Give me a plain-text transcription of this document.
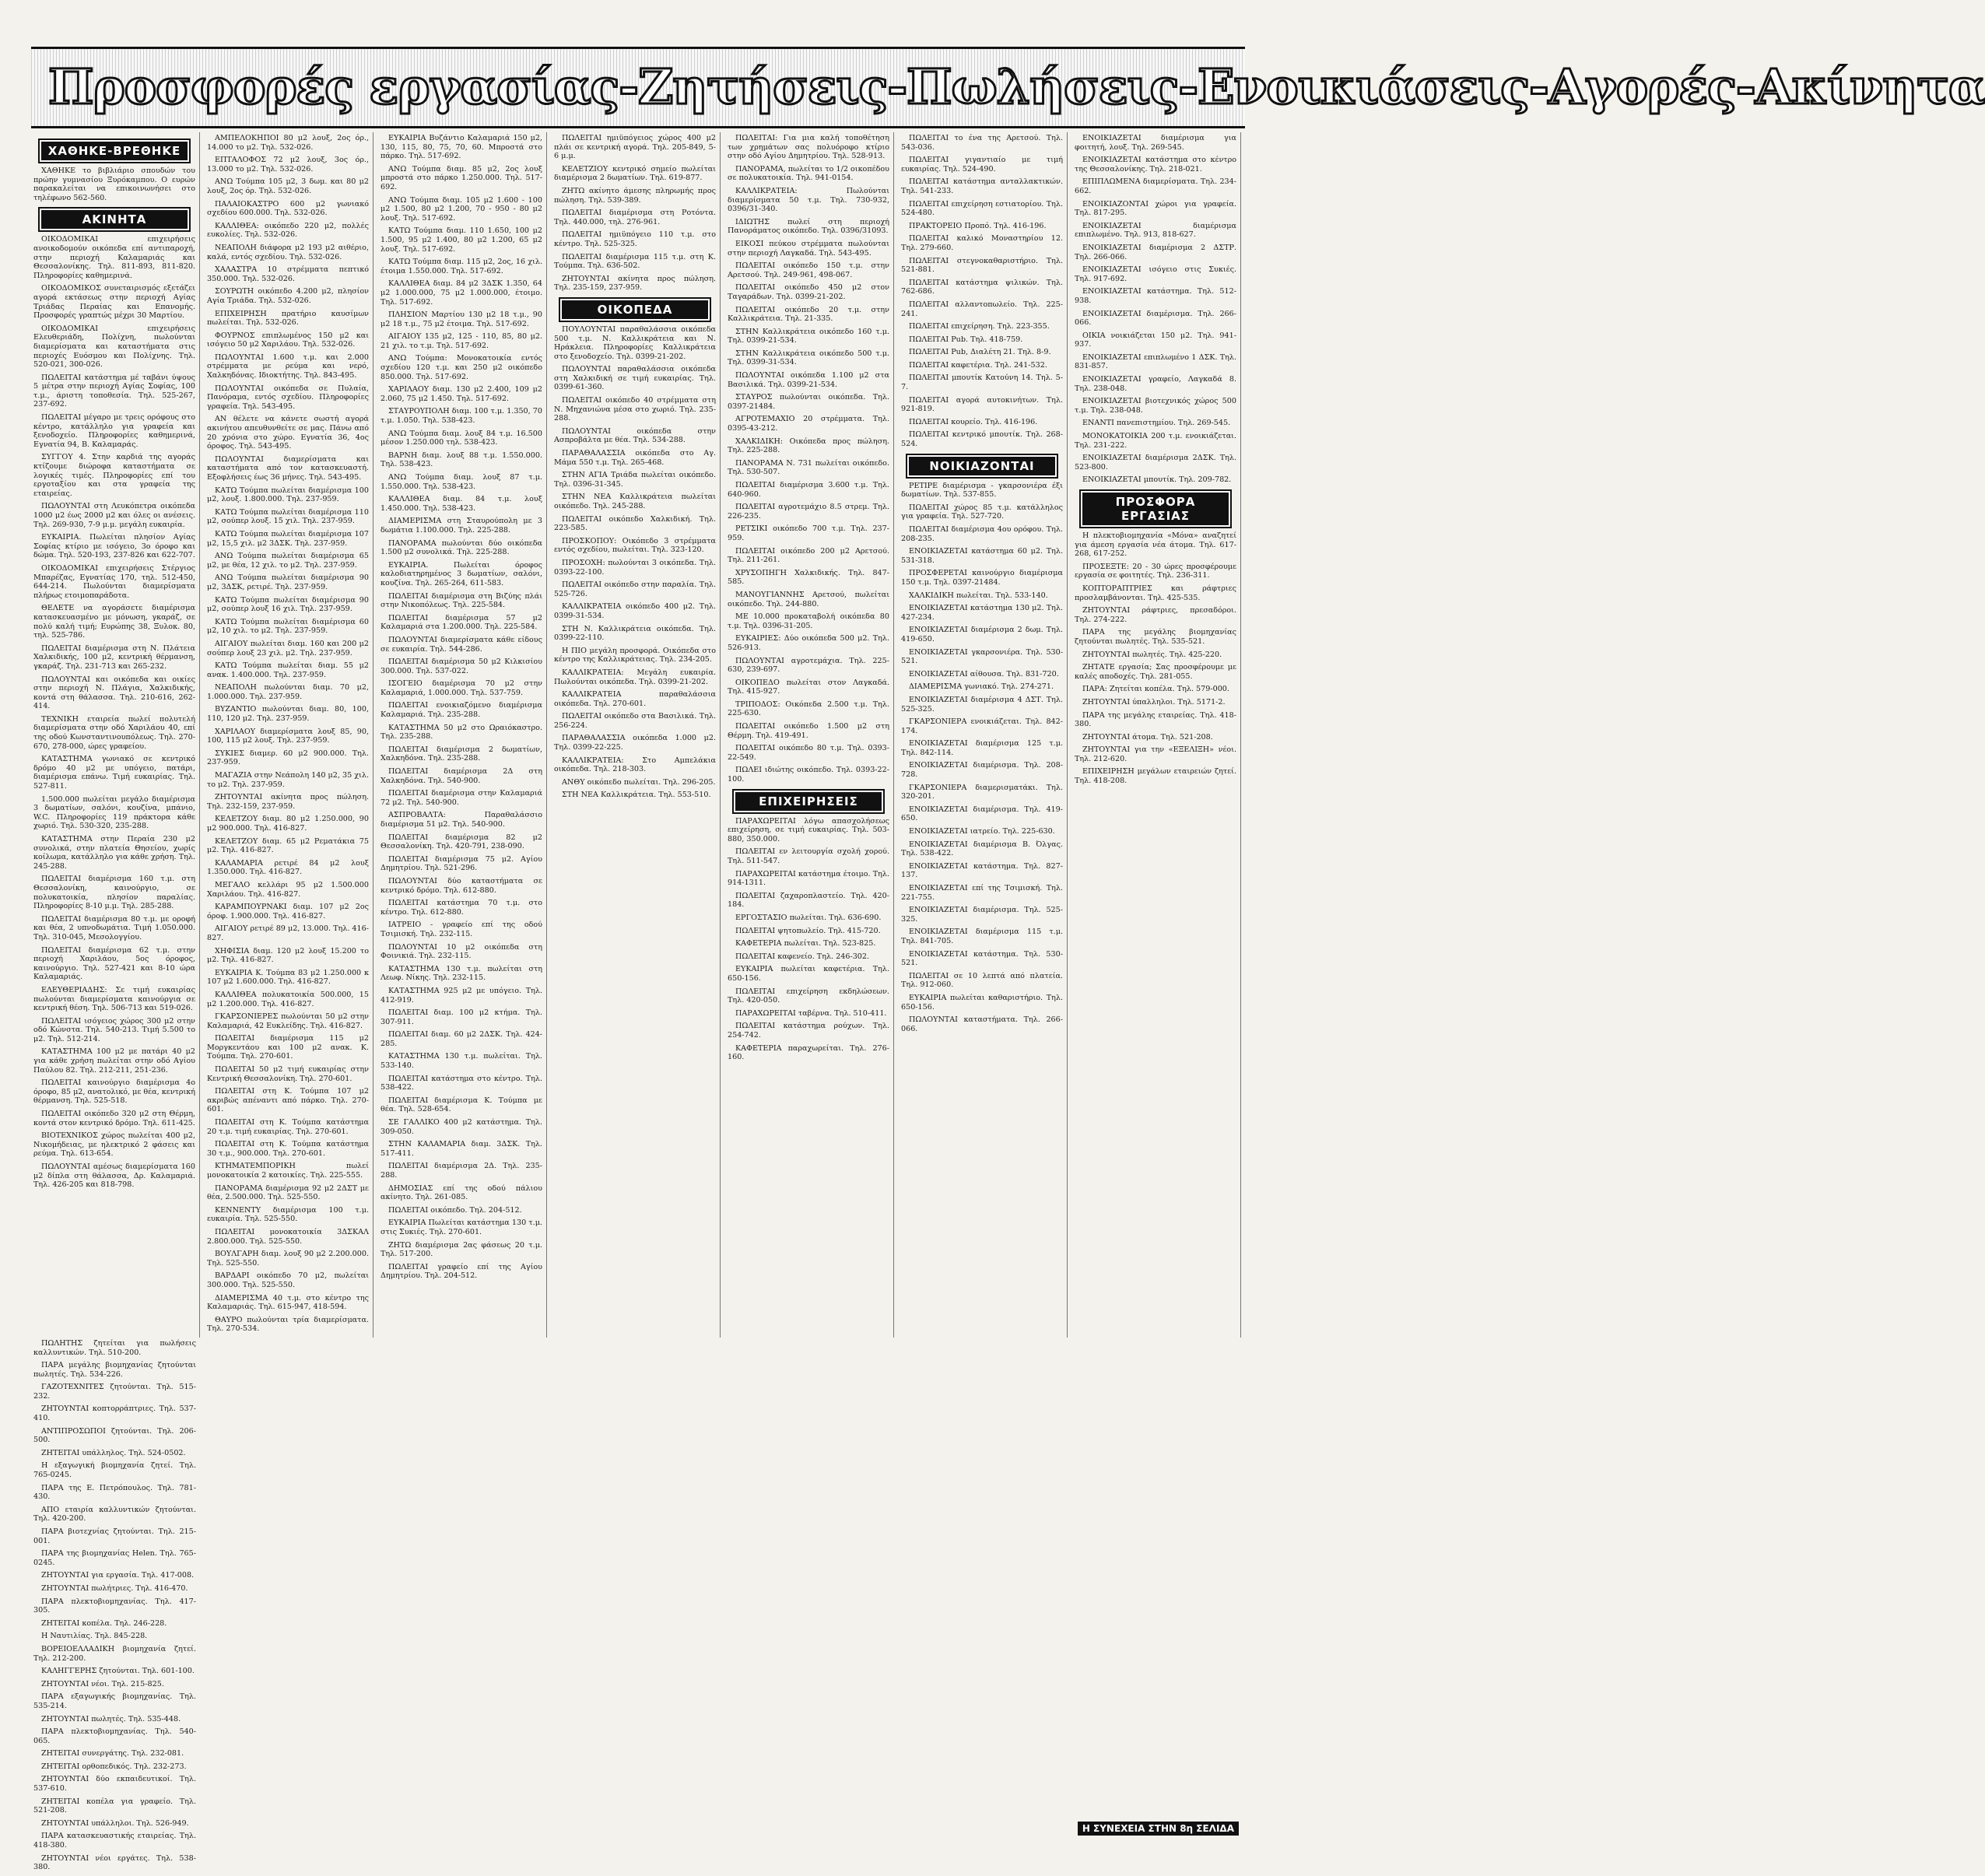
Προσφορές εργασίας-Ζητήσεις-Πωλήσεις-Ενοικιάσεις-Αγορές-Ακίνητα
ΧΑΘΗΚΕ-ΒΡΕΘΗΚΕ

ΧΑΘΗΚΕ το βιβλιάριο σπουδών του πρώην γυμνασίου Ξυρόκαμπου. Ο ευρών παρακαλείται να επικοινωνήσει στο τηλέφωνο 562-560.

ΑΚΙΝΗΤΑ

ΟΙΚΟΔΟΜΙΚΑΙ επιχειρήσεις ανοικοδομούν οικόπεδα επί αντιπαροχή, στην περιοχή Καλαμαριάς και Θεσσαλονίκης. Τηλ. 811-893, 811-820. Πληροφορίες καθημερινά.

ΟΙΚΟΔΟΜΙΚΟΣ συνεταιρισμός εξετάζει αγορά εκτάσεως στην περιοχή Αγίας Τριάδας Περαίας και Επανομής. Προσφορές γραπτώς μέχρι 30 Μαρτίου.

ΟΙΚΟΔΟΜΙΚΑΙ επιχειρήσεις Ελευθεριάδη, Πολίχνη, πωλούνται διαμερίσματα και καταστήματα στις περιοχές Ευόσμου και Πολίχνης. Τηλ. 520-021, 300-026.

ΠΩΛΕΙΤΑΙ κατάστημα μέ ταβάνι ύψους 5 μέτρα στην περιοχή Αγίας Σοφίας, 100 τ.μ., άριστη τοποθεσία. Τηλ. 525-267, 237-692.

ΠΩΛΕΙΤΑΙ μέγαρο με τρεις ορόφους στο κέντρο, κατάλληλο για γραφεία και ξενοδοχείο. Πληροφορίες καθημερινά, Εγνατία 94, Β. Καλαμαράς.

ΣΥΓΓΟΥ 4. Στην καρδιά της αγοράς κτίζουμε διώροφα καταστήματα σε λογικές τιμές. Πληροφορίες επί του εργοταξίου και στα γραφεία της εταιρείας.

ΠΩΛΟΥΝΤΑΙ στη Λευκόπετρα οικόπεδα 1000 μ2 έως 2000 μ2 και όλες οι ανέσεις. Τηλ. 269-930, 7-9 μ.μ. μεγάλη ευκαιρία.

ΕΥΚΑΙΡΙΑ. Πωλείται πλησίον Αγίας Σοφίας κτίριο με ισόγειο, 3ο όροφο και δώμα. Τηλ. 520-193, 237-826 και 622-707.

ΟΙΚΟΔΟΜΙΚΑΙ επιχειρήσεις Στέργιος Μπαρέζας, Εγνατίας 170, τηλ. 512-450, 644-214. Πωλούνται διαμερίσματα πλήρως ετοιμοπαράδοτα.

ΘΕΛΕΤΕ να αγοράσετε διαμέρισμα κατασκευασμένο με μόνωση, γκαράζ, σε πολύ καλή τιμή; Ευρώπης 38, Ξυλοκ. 80, τηλ. 525-786.

ΠΩΛΕΙΤΑΙ διαμέρισμα στη Ν. Πλάτεια Χαλκιδικής, 100 μ2, κεντρική θέρμανση, γκαράζ. Τηλ. 231-713 και 265-232.

ΠΩΛΟΥΝΤΑΙ και οικόπεδα και οικίες στην περιοχή Ν. Πλάγια, Χαλκιδικής, κοντά στη θάλασσα. Τηλ. 210-616, 262-414.

ΤΕΧΝΙΚΗ εταιρεία πωλεί πολυτελή διαμερίσματα στην οδό Χαριλάου 40, επί της οδού Κωνσταντινουπόλεως. Τηλ. 270-670, 278-000, ώρες γραφείου.

ΚΑΤΑΣΤΗΜΑ γωνιακό σε κεντρικό δρόμο 40 μ2 με υπόγειο, πατάρι, διαμέρισμα επάνω. Τιμή ευκαιρίας. Τηλ. 527-811.

1.500.000 πωλείται μεγάλο διαμέρισμα 3 δωματίων, σαλόνι, κουζίνα, μπάνιο, W.C. Πληροφορίες 119 πράκτορα κάθε χωριό. Τηλ. 530-320, 235-288.

ΚΑΤΑΣΤΗΜΑ στην Περαία 230 μ2 συνολικά, στην πλατεία Θησείου, χωρίς κοίλωμα, κατάλληλο για κάθε χρήση. Τηλ. 245-288.

ΠΩΛΕΙΤΑΙ διαμέρισμα 160 τ.μ. στη Θεσσαλονίκη, καινούργιο, σε πολυκατοικία, πλησίον παραλίας. Πληροφορίες 8-10 μ.μ. Τηλ. 285-288.

ΠΩΛΕΙΤΑΙ διαμέρισμα 80 τ.μ. με οροφή και θέα, 2 υπνοδωμάτια. Τιμή 1.050.000. Τηλ. 310-045, Μεσολογγίου.

ΠΩΛΕΙΤΑΙ διαμέρισμα 62 τ.μ. στην περιοχή Χαριλάου, 5ος όροφος, καινούργιο. Τηλ. 527-421 και 8-10 ώρα Καλαμαριάς.

ΕΛΕΥΘΕΡΙΑΔΗΣ: Σε τιμή ευκαιρίας πωλούνται διαμερίσματα καινούργια σε κεντρική θέση. Τηλ. 506-713 και 519-026.

ΠΩΛΕΙΤΑΙ ισόγειος χώρος 300 μ2 στην οδό Κώνστα. Τηλ. 540-213. Τιμή 5.500 το μ2. Τηλ. 512-214.

ΚΑΤΑΣΤΗΜΑ 100 μ2 με πατάρι 40 μ2 για κάθε χρήση πωλείται στην οδό Αγίου Παύλου 82. Τηλ. 212-211, 251-236.

ΠΩΛΕΙΤΑΙ καινούργιο διαμέρισμα 4ο όροφο, 85 μ2, ανατολικό, με θέα, κεντρική θέρμανση. Τηλ. 525-518.

ΠΩΛΕΙΤΑΙ οικόπεδο 320 μ2 στη Θέρμη, κοντά στον κεντρικό δρόμο. Τηλ. 611-425.

ΒΙΟΤΕΧΝΙΚΟΣ χώρος πωλείται 400 μ2, Νικομήδειας, με ηλεκτρικό 2 φάσεις και ρεύμα. Τηλ. 613-654.

ΠΩΛΟΥΝΤΑΙ αμέσως διαμερίσματα 160 μ2 δίπλα στη θάλασσα, Δρ. Καλαμαριά. Τηλ. 426-205 και 818-798.

ΑΜΠΕΛΟΚΗΠΟΙ 80 μ2 λουξ, 2ος όρ., 14.000 το μ2. Τηλ. 532-026.

ΕΠΤΑΛΟΦΟΣ 72 μ2 λουξ, 3ος όρ., 13.000 το μ2. Τηλ. 532-026.

ΑΝΩ Τούμπα 105 μ2, 3 δωμ. και 80 μ2 λουξ, 2ος όρ. Τηλ. 532-026.

ΠΑΛΑΙΟΚΑΣΤΡΟ 600 μ2 γωνιακό σχεδίου 600.000. Τηλ. 532-026.

ΚΑΛΛΙΘΕΑ: οικόπεδο 220 μ2, πολλές ευκολίες. Τηλ. 532-026.

ΝΕΑΠΟΛΗ διάφορα μ2 193 μ2 αιθέριο, καλά, εντός σχεδίου. Τηλ. 532-026.

ΧΑΛΑΣΤΡΑ 10 στρέμματα πεπτικό 350.000. Τηλ. 532-026.

ΣΟΥΡΩΤΗ οικόπεδο 4.200 μ2, πλησίον Αγία Τριάδα. Τηλ. 532-026.

ΕΠΙΧΕΙΡΗΣΗ πρατήριο καυσίμων πωλείται. Τηλ. 532-026.

ΦΟΥΡΝΟΣ επιπλωμένος 150 μ2 και ισόγειο 50 μ2 Χαριλάου. Τηλ. 532-026.

ΠΩΛΟΥΝΤΑΙ 1.600 τ.μ. και 2.000 στρέμματα με ρεύμα και νερό, Χαλκηδόνας. Ιδιοκτήτης. Τηλ. 843-495.

ΠΩΛΟΥΝΤΑΙ οικόπεδα σε Πυλαία, Πανόραμα, εντός σχεδίου. Πληροφορίες γραφεία. Τηλ. 543-495.

ΑΝ θέλετε να κάνετε σωστή αγορά ακινήτου απευθυνθείτε σε μας. Πάνω από 20 χρόνια στο χώρο. Εγνατία 36, 4ος όροφος. Τηλ. 543-495.

ΠΩΛΟΥΝΤΑΙ διαμερίσματα και καταστήματα από τον κατασκευαστή. Εξοφλήσεις έως 36 μήνες. Τηλ. 543-495.

ΚΑΤΩ Τούμπα πωλείται διαμέρισμα 100 μ2, λουξ. 1.800.000. Τηλ. 237-959.

ΚΑΤΩ Τούμπα πωλείται διαμέρισμα 110 μ2, σούπερ λουξ. 15 χιλ. Τηλ. 237-959.

ΚΑΤΩ Τούμπα πωλείται διαμέρισμα 107 μ2, 15,5 χιλ. μ2 3ΔΣΚ. Τηλ. 237-959.

ΑΝΩ Τούμπα πωλείται διαμέρισμα 65 μ2, με θέα, 12 χιλ. το μ2. Τηλ. 237-959.

ΑΝΩ Τούμπα πωλείται διαμέρισμα 90 μ2, 3ΔΣΚ, ρετιρέ. Τηλ. 237-959.

ΚΑΤΩ Τούμπα πωλείται διαμέρισμα 90 μ2, σούπερ λουξ 16 χιλ. Τηλ. 237-959.

ΚΑΤΩ Τούμπα πωλείται διαμέρισμα 60 μ2, 10 χιλ. το μ2. Τηλ. 237-959.

ΑΙΓΑΙΟΥ πωλείται διαμ. 160 και 200 μ2 σούπερ λουξ 23 χιλ. μ2. Τηλ. 237-959.

ΚΑΤΩ Τούμπα πωλείται διαμ. 55 μ2 ανακ. 1.400.000. Τηλ. 237-959.

ΝΕΑΠΟΛΗ πωλούνται διαμ. 70 μ2, 1.000.000. Τηλ. 237-959.

ΒΥΖΑΝΤΙΟ πωλούνται διαμ. 80, 100, 110, 120 μ2. Τηλ. 237-959.

ΧΑΡΙΛΑΟΥ διαμερίσματα λουξ 85, 90, 100, 115 μ2 λουξ. Τηλ. 237-959.

ΣΥΚΙΕΣ διαμερ. 60 μ2 900.000. Τηλ. 237-959.

ΜΑΓΑΖΙΑ στην Νεάπολη 140 μ2, 35 χιλ. το μ2. Τηλ. 237-959.

ΖΗΤΟΥΝΤΑΙ ακίνητα προς πώληση. Τηλ. 232-159, 237-959.

ΚΕΛΕΤΖΟΥ διαμ. 80 μ2 1.250.000, 90 μ2 900.000. Τηλ. 416-827.

ΚΕΛΕΤΖΟΥ διαμ. 65 μ2 Ρεματάκια 75 μ2. Τηλ. 416-827.

ΚΑΛΑΜΑΡΙΑ ρετιρέ 84 μ2 λουξ 1.350.000. Τηλ. 416-827.

ΜΕΓΑΛΟ κελλάρι 95 μ2 1.500.000 Χαριλάου. Τηλ. 416-827.

ΚΑΡΑΜΠΟΥΡΝΑΚΙ διαμ. 107 μ2 2ος όροφ. 1.900.000. Τηλ. 416-827.

ΑΙΓΑΙΟΥ ρετιρέ 89 μ2, 13.000. Τηλ. 416-827.

ΧΗΦΙΣΙΑ διαμ. 120 μ2 λουξ 15.200 το μ2. Τηλ. 416-827.

ΕΥΚΑΙΡΙΑ Κ. Τούμπα 83 μ2 1.250.000 κ 107 μ2 1.600.000. Τηλ. 416-827.

ΚΑΛΛΙΘΕΑ πολυκατοικία 500.000, 15 μ2 1.200.000. Τηλ. 416-827.

ΓΚΑΡΣΟΝΙΕΡΕΣ πωλούνται 50 μ2 στην Καλαμαριά, 42 Ευκλείδης. Τηλ. 416-827.

ΠΩΛΕΙΤΑΙ διαμέρισμα 115 μ2 Μοργκεντάου και 100 μ2 ανακ. Κ. Τούμπα. Τηλ. 270-601.

ΠΩΛΕΙΤΑΙ 50 μ2 τιμή ευκαιρίας στην Κεντρική Θεσσαλονίκη. Τηλ. 270-601.

ΠΩΛΕΙΤΑΙ στη Κ. Τούμπα 107 μ2 ακριβώς απέναντι από πάρκο. Τηλ. 270-601.

ΠΩΛΕΙΤΑΙ στη Κ. Τούμπα κατάστημα 20 τ.μ. τιμή ευκαιρίας. Τηλ. 270-601.

ΠΩΛΕΙΤΑΙ στη Κ. Τούμπα κατάστημα 30 τ.μ., 900.000. Τηλ. 270-601.

ΚΤΗΜΑΤΕΜΠΟΡΙΚΗ πωλεί μονοκατοικία 2 κατοικίες. Τηλ. 225-555.

ΠΑΝΟΡΑΜΑ διαμέρισμα 92 μ2 2ΔΣΤ με θέα, 2.500.000. Τηλ. 525-550.

ΚΕΝΝΕΝΤΥ διαμέρισμα 100 τ.μ. ευκαιρία. Τηλ. 525-550.

ΠΩΛΕΙΤΑΙ μονοκατοικία 3ΔΣΚΑΛ 2.800.000. Τηλ. 525-550.

ΒΟΥΛΓΑΡΗ διαμ. λουξ 90 μ2 2.200.000. Τηλ. 525-550.

ΒΑΡΔΑΡΙ οικόπεδο 70 μ2, πωλείται 300.000. Τηλ. 525-550.

ΔΙΑΜΕΡΙΣΜΑ 40 τ.μ. στο κέντρο της Καλαμαριάς. Τηλ. 615-947, 418-594.

ΘΑΥΡΟ πωλούνται τρία διαμερίσματα. Τηλ. 270-534.

ΕΥΚΑΙΡΙΑ Βυζάντιο Καλαμαριά 150 μ2, 130, 115, 80, 75, 70, 60. Μπροστά στο πάρκο. Τηλ. 517-692.

ΑΝΩ Τούμπα διαμ. 85 μ2, 2ος λουξ μπροστά στο πάρκο 1.250.000. Τηλ. 517-692.

ΑΝΩ Τούμπα διαμ. 105 μ2 1.600 - 100 μ2 1.500, 80 μ2 1.200, 70 - 950 - 80 μ2 λουξ. Τηλ. 517-692.

ΚΑΤΩ Τούμπα διαμ. 110 1.650, 100 μ2 1.500, 95 μ2 1.400, 80 μ2 1.200, 65 μ2 λουξ. Τηλ. 517-692.

ΚΑΤΩ Τούμπα διαμ. 115 μ2, 2ος, 16 χιλ. έτοιμα 1.550.000. Τηλ. 517-692.

ΚΑΛΛΙΘΕΑ διαμ. 84 μ2 3ΔΣΚ 1.350, 64 μ2 1.000.000, 75 μ2 1.000.000, έτοιμο. Τηλ. 517-692.

ΠΛΗΣΙΟΝ Μαρτίου 130 μ2 18 τ.μ., 90 μ2 18 τ.μ., 75 μ2 έτοιμα. Τηλ. 517-692.

ΑΙΓΑΙΟΥ 135 μ2, 125 - 110, 85, 80 μ2. 21 χιλ. το τ.μ. Τηλ. 517-692.

ΑΝΩ Τούμπα: Μονοκατοικία εντός σχεδίου 120 τ.μ. και 250 μ2 οικόπεδο 850.000. Τηλ. 517-692.

ΧΑΡΙΛΑΟΥ διαμ. 130 μ2 2.400, 109 μ2 2.060, 75 μ2 1.450. Τηλ. 517-692.

ΣΤΑΥΡΟΥΠΟΛΗ διαμ. 100 τ.μ. 1.350, 70 τ.μ. 1.050. Τηλ. 538-423.

ΑΝΩ Τούμπα διαμ. λουξ 84 τ.μ. 16.500 μέσον 1.250.000 τηλ. 538-423.

ΒΑΡΝΗ διαμ. λουξ 88 τ.μ. 1.550.000. Τηλ. 538-423.

ΑΝΩ Τούμπα διαμ. λουξ 87 τ.μ. 1.550.000. Τηλ. 538-423.

ΚΑΛΛΙΘΕΑ διαμ. 84 τ.μ. λουξ 1.450.000. Τηλ. 538-423.

ΔΙΑΜΕΡΙΣΜΑ στη Σταυρούπολη με 3 δωμάτια 1.100.000. Τηλ. 225-288.

ΠΑΝΟΡΑΜΑ πωλούνται δύο οικόπεδα 1.500 μ2 συνολικά. Τηλ. 225-288.

ΕΥΚΑΙΡΙΑ. Πωλείται όροφος καλοδιατηρημένος 3 δωματίων, σαλόνι, κουζίνα. Τηλ. 265-264, 611-583.

ΠΩΛΕΙΤΑΙ διαμέρισμα στη Βιζύης πλάι στην Νικοπόλεως. Τηλ. 225-584.

ΠΩΛΕΙΤΑΙ διαμέρισμα 57 μ2 Καλαμαριά στα 1.200.000. Τηλ. 225-584.

ΠΩΛΟΥΝΤΑΙ διαμερίσματα κάθε είδους σε ευκαιρία. Τηλ. 544-286.

ΠΩΛΕΙΤΑΙ διαμέρισμα 50 μ2 Κιλκισίου 300.000. Τηλ. 537-022.

ΙΣΟΓΕΙΟ διαμέρισμα 70 μ2 στην Καλαμαριά, 1.000.000. Τηλ. 537-759.

ΠΩΛΕΙΤΑΙ ενοικιαζόμενο διαμέρισμα Καλαμαριά. Τηλ. 235-288.

ΚΑΤΑΣΤΗΜΑ 50 μ2 στο Ωραιόκαστρο. Τηλ. 235-288.

ΠΩΛΕΙΤΑΙ διαμέρισμα 2 δωματίων, Χαλκηδόνα. Τηλ. 235-288.

ΠΩΛΕΙΤΑΙ διαμέρισμα 2Δ στη Χαλκηδόνα. Τηλ. 540-900.

ΠΩΛΕΙΤΑΙ διαμέρισμα στην Καλαμαριά 72 μ2. Τηλ. 540-900.

ΑΣΠΡΟΒΑΛΤΑ: Παραθαλάσσιο διαμέρισμα 51 μ2. Τηλ. 540-900.

ΠΩΛΕΙΤΑΙ διαμέρισμα 82 μ2 Θεσσαλονίκη. Τηλ. 420-791, 238-090.

ΠΩΛΕΙΤΑΙ διαμέρισμα 75 μ2. Αγίου Δημητρίου. Τηλ. 521-296.

ΠΩΛΟΥΝΤΑΙ δύο καταστήματα σε κεντρικό δρόμο. Τηλ. 612-880.

ΠΩΛΕΙΤΑΙ κατάστημα 70 τ.μ. στο κέντρο. Τηλ. 612-880.

ΙΑΤΡΕΙΟ - γραφείο επί της οδού Τσιμισκή. Τηλ. 232-115.

ΠΩΛΟΥΝΤΑΙ 10 μ2 οικόπεδα στη Φοινικιά. Τηλ. 232-115.

ΚΑΤΑΣΤΗΜΑ 130 τ.μ. πωλείται στη Λεωφ. Νίκης. Τηλ. 232-115.

ΚΑΤΑΣΤΗΜΑ 925 μ2 με υπόγειο. Τηλ. 412-919.

ΠΩΛΕΙΤΑΙ διαμ. 100 μ2 κτήμα. Τηλ. 307-911.

ΠΩΛΕΙΤΑΙ διαμ. 60 μ2 2ΔΣΚ. Τηλ. 424-285.

ΚΑΤΑΣΤΗΜΑ 130 τ.μ. πωλείται. Τηλ. 533-140.

ΠΩΛΕΙΤΑΙ κατάστημα στο κέντρο. Τηλ. 538-422.

ΠΩΛΕΙΤΑΙ διαμέρισμα Κ. Τούμπα με θέα. Τηλ. 528-654.

ΣΕ ΓΑΛΛΙΚΟ 400 μ2 κατάστημα. Τηλ. 309-050.

ΣΤΗΝ ΚΑΛΑΜΑΡΙΑ διαμ. 3ΔΣΚ. Τηλ. 517-411.

ΠΩΛΕΙΤΑΙ διαμέρισμα 2Δ. Τηλ. 235-288.

ΔΗΜΟΣΙΑΣ επί της οδού πάλιου ακίνητο. Τηλ. 261-085.

ΠΩΛΕΙΤΑΙ οικόπεδο. Τηλ. 204-512.

ΕΥΚΑΙΡΙΑ Πωλείται κατάστημα 130 τ.μ. στις Συκιές. Τηλ. 270-601.

ΖΗΤΩ διαμέρισμα 2ας φάσεως 20 τ.μ. Τηλ. 517-200.

ΠΩΛΕΙΤΑΙ γραφείο επί της Αγίου Δημητρίου. Τηλ. 204-512.

ΠΩΛΕΙΤΑΙ ημιϋπόγειος χώρος 400 μ2 πλάι σε κεντρική αγορά. Τηλ. 205-849, 5-6 μ.μ.

ΚΕΛΕΤΖΙΟΥ κεντρικό σημείο πωλείται διαμέρισμα 2 δωματίων. Τηλ. 619-877.

ΖΗΤΩ ακίνητο άμεσης πληρωμής προς πώληση. Τηλ. 539-389.

ΠΩΛΕΙΤΑΙ διαμέρισμα στη Ροτόντα. Τηλ. 440.000, τηλ. 276-961.

ΠΩΛΕΙΤΑΙ ημιϋπόγειο 110 τ.μ. στο κέντρο. Τηλ. 525-325.

ΠΩΛΕΙΤΑΙ διαμέρισμα 115 τ.μ. στη Κ. Τούμπα. Τηλ. 636-502.

ΖΗΤΟΥΝΤΑΙ ακίνητα προς πώληση. Τηλ. 235-159, 237-959.

ΟΙΚΟΠΕΔΑ

ΠΟΥΛΟΥΝΤΑΙ παραθαλάσσια οικόπεδα 500 τ.μ. Ν. Καλλικράτεια και Ν. Ηράκλεια. Πληροφορίες Καλλικράτεια στο ξενοδοχείο. Τηλ. 0399-21-202.

ΠΩΛΟΥΝΤΑΙ παραθαλάσσια οικόπεδα στη Χαλκιδική σε τιμή ευκαιρίας. Τηλ. 0399-61-360.

ΠΩΛΕΙΤΑΙ οικόπεδο 40 στρέμματα στη Ν. Μηχανιώνα μέσα στο χωριό. Τηλ. 235-288.

ΠΩΛΟΥΝΤΑΙ οικόπεδα στην Ασπροβάλτα με θέα. Τηλ. 534-288.

ΠΑΡΑΘΑΛΑΣΣΙΑ οικόπεδα στο Αγ. Μάμα 550 τ.μ. Τηλ. 265-468.

ΣΤΗΝ ΑΓΙΑ Τριάδα πωλείται οικόπεδο. Τηλ. 0396-31-345.

ΣΤΗΝ ΝΕΑ Καλλικράτεια πωλείται οικόπεδο. Τηλ. 245-288.

ΠΩΛΕΙΤΑΙ οικόπεδο Χαλκιδική. Τηλ. 223-585.

ΠΡΟΣΚΟΠΟΥ: Οικόπεδο 3 στρέμματα εντός σχεδίου, πωλείται. Τηλ. 323-120.

ΠΡΟΣΟΧΗ: πωλούνται 3 οικόπεδα. Τηλ. 0393-22-100.

ΠΩΛΕΙΤΑΙ οικόπεδο στην παραλία. Τηλ. 525-726.

ΚΑΛΛΙΚΡΑΤΕΙΑ οικόπεδο 400 μ2. Τηλ. 0399-31-534.

ΣΤΗ Ν. Καλλικράτεια οικόπεδα. Τηλ. 0399-22-110.

Η ΠΙΟ μεγάλη προσφορά. Οικόπεδα στο κέντρο της Καλλικράτειας. Τηλ. 234-205.

ΚΑΛΛΙΚΡΑΤΕΙΑ: Μεγάλη ευκαιρία. Πωλούνται οικόπεδα. Τηλ. 0399-21-202.

ΚΑΛΛΙΚΡΑΤΕΙΑ παραθαλάσσια οικόπεδα. Τηλ. 270-601.

ΠΩΛΕΙΤΑΙ οικόπεδο στα Βασιλικά. Τηλ. 256-224.

ΠΑΡΑΘΑΛΑΣΣΙΑ οικόπεδα 1.000 μ2. Τηλ. 0399-22-225.

ΚΑΛΛΙΚΡΑΤΕΙΑ: Στο Αμπελάκια οικόπεδα. Τηλ. 218-303.

ΑΝΘΥ οικόπεδο πωλείται. Τηλ. 296-205.

ΣΤΗ ΝΕΑ Καλλικράτεια. Τηλ. 553-510.

ΠΩΛΕΙΤΑΙ: Για μια καλή τοποθέτηση των χρημάτων σας πολυόροφο κτίριο στην οδό Αγίου Δημητρίου. Τηλ. 528-913.

ΠΑΝΟΡΑΜΑ, πωλείται το 1/2 οικοπέδου σε πολυκατοικία. Τηλ. 941-0154.

ΚΑΛΛΙΚΡΑΤΕΙΑ: Πωλούνται διαμερίσματα 50 τ.μ. Τηλ. 730-932, 0396/31-340.

ΙΔΙΩΤΗΣ πωλεί στη περιοχή Πανοράματος οικόπεδο. Τηλ. 0396/31093.

ΕΙΚΟΣΙ πεύκου στρέμματα πωλούνται στην περιοχή Λαγκαδά. Τηλ. 543-495.

ΠΩΛΕΙΤΑΙ οικόπεδο 150 τ.μ. στην Αρετσού. Τηλ. 249-961, 498-067.

ΠΩΛΕΙΤΑΙ οικόπεδο 450 μ2 στον Ταγαράδων. Τηλ. 0399-21-202.

ΠΩΛΕΙΤΑΙ οικόπεδο 20 τ.μ. στην Καλλικράτεια. Τηλ. 21-335.

ΣΤΗΝ Καλλικράτεια οικόπεδο 160 τ.μ. Τηλ. 0399-21-534.

ΣΤΗΝ Καλλικράτεια οικόπεδο 500 τ.μ. Τηλ. 0399-31-534.

ΠΩΛΟΥΝΤΑΙ οικόπεδα 1.100 μ2 στα Βασιλικά. Τηλ. 0399-21-534.

ΣΤΑΥΡΟΣ πωλούνται οικόπεδα. Τηλ. 0397-21484.

ΑΓΡΟΤΕΜΑΧΙΟ 20 στρέμματα. Τηλ. 0395-43-212.

ΧΑΛΚΙΔΙΚΗ: Οικόπεδα προς πώληση. Τηλ. 225-288.

ΠΑΝΟΡΑΜΑ Ν. 731 πωλείται οικόπεδο. Τηλ. 530-507.

ΠΩΛΕΙΤΑΙ διαμέρισμα 3.600 τ.μ. Τηλ. 640-960.

ΠΩΛΕΙΤΑΙ αγροτεμάχιο 8.5 στρεμ. Τηλ. 226-235.

ΡΕΤΣΙΚΙ οικόπεδο 700 τ.μ. Τηλ. 237-959.

ΠΩΛΕΙΤΑΙ οικόπεδο 200 μ2 Αρετσού. Τηλ. 211-261.

ΧΡΥΣΟΠΗΓΗ Χαλκιδικής. Τηλ. 847-585.

ΜΑΝΟΥΓΙΑΝΝΗΣ Αρετσού, πωλείται οικόπεδο. Τηλ. 244-880.

ΜΕ 10.000 προκαταβολή οικόπεδα 80 τ.μ. Τηλ. 0396-31-205.

ΕΥΚΑΙΡΙΕΣ: Δύο οικόπεδα 500 μ2. Τηλ. 526-913.

ΠΩΛΟΥΝΤΑΙ αγροτεμάχια. Τηλ. 225-630, 239-697.

ΟΙΚΟΠΕΔΟ πωλείται στον Λαγκαδά. Τηλ. 415-927.

ΤΡΙΠΟΔΟΣ: Οικόπεδα 2.500 τ.μ. Τηλ. 225-630.

ΠΩΛΕΙΤΑΙ οικόπεδο 1.500 μ2 στη Θέρμη. Τηλ. 419-491.

ΠΩΛΕΙΤΑΙ οικόπεδο 80 τ.μ. Τηλ. 0393-22-549.

ΠΩΛΕΙ ιδιώτης οικόπεδο. Τηλ. 0393-22-100.

ΕΠΙΧΕΙΡΗΣΕΙΣ

ΠΑΡΑΧΩΡΕΙΤΑΙ λόγω απασχολήσεως επιχείρηση, σε τιμή ευκαιρίας. Τηλ. 503-880, 350.000.

ΠΩΛΕΙΤΑΙ εν λειτουργία σχολή χορού. Τηλ. 511-547.

ΠΑΡΑΧΩΡΕΙΤΑΙ κατάστημα έτοιμο. Τηλ. 914-1311.

ΠΩΛΕΙΤΑΙ ζαχαροπλαστείο. Τηλ. 420-184.

ΕΡΓΟΣΤΑΣΙΟ πωλείται. Τηλ. 636-690.

ΠΩΛΕΙΤΑΙ ψητοπωλείο. Τηλ. 415-720.

ΚΑΦΕΤΕΡΙΑ πωλείται. Τηλ. 523-825.

ΠΩΛΕΙΤΑΙ καφενείο. Τηλ. 246-302.

ΕΥΚΑΙΡΙΑ πωλείται καφετέρια. Τηλ. 650-156.

ΠΩΛΕΙΤΑΙ επιχείρηση εκδηλώσεων. Τηλ. 420-050.

ΠΑΡΑΧΩΡΕΙΤΑΙ ταβέρνα. Τηλ. 510-411.

ΠΩΛΕΙΤΑΙ κατάστημα ρούχων. Τηλ. 254-742.

ΚΑΦΕΤΕΡΙΑ παραχωρείται. Τηλ. 276-160.

ΠΩΛΕΙΤΑΙ το ένα της Αρετσού. Τηλ. 543-036.

ΠΩΛΕΙΤΑΙ γιγαντιαίο με τιμή ευκαιρίας. Τηλ. 524-490.

ΠΩΛΕΙΤΑΙ κατάστημα ανταλλακτικών. Τηλ. 541-233.

ΠΩΛΕΙΤΑΙ επιχείρηση εστιατορίου. Τηλ. 524-480.

ΠΡΑΚΤΟΡΕΙΟ Προπό. Τηλ. 416-196.

ΠΩΛΕΙΤΑΙ καλικό Μοναστηρίου 12. Τηλ. 279-660.

ΠΩΛΕΙΤΑΙ στεγνοκαθαριστήριο. Τηλ. 521-881.

ΠΩΛΕΙΤΑΙ κατάστημα ψιλικών. Τηλ. 762-686.

ΠΩΛΕΙΤΑΙ αλλαντοπωλείο. Τηλ. 225-241.

ΠΩΛΕΙΤΑΙ επιχείρηση. Τηλ. 223-355.

ΠΩΛΕΙΤΑΙ Pub. Τηλ. 418-759.

ΠΩΛΕΙΤΑΙ Pub, Διαλέτη 21. Τηλ. 8-9.

ΠΩΛΕΙΤΑΙ καφετέρια. Τηλ. 241-532.

ΠΩΛΕΙΤΑΙ μπουτίκ Κατούνη 14. Τηλ. 5-7.

ΠΩΛΕΙΤΑΙ αγορά αυτοκινήτων. Τηλ. 921-819.

ΠΩΛΕΙΤΑΙ κουρείο. Τηλ. 416-196.

ΠΩΛΕΙΤΑΙ κεντρικό μπουτίκ. Τηλ. 268-524.

ΝΟΙΚΙΑΖΟΝΤΑΙ

ΡΕΤΙΡΕ διαμέρισμα - γκαρσονιέρα έξι δωματίων. Τηλ. 537-855.

ΠΩΛΕΙΤΑΙ χώρος 85 τ.μ. κατάλληλος για γραφεία. Τηλ. 527-720.

ΠΩΛΕΙΤΑΙ διαμέρισμα 4ου ορόφου. Τηλ. 208-235.

ΕΝΟΙΚΙΑΖΕΤΑΙ κατάστημα 60 μ2. Τηλ. 531-318.

ΠΡΟΣΦΕΡΕΤΑΙ καινούργιο διαμέρισμα 150 τ.μ. Τηλ. 0397-21484.

ΧΑΛΚΙΔΙΚΗ πωλείται. Τηλ. 533-140.

ΕΝΟΙΚΙΑΖΕΤΑΙ κατάστημα 130 μ2. Τηλ. 427-234.

ΕΝΟΙΚΙΑΖΕΤΑΙ διαμέρισμα 2 δωμ. Τηλ. 419-650.

ΕΝΟΙΚΙΑΖΕΤΑΙ γκαρσονιέρα. Τηλ. 530-521.

ΕΝΟΙΚΙΑΖΕΤΑΙ αίθουσα. Τηλ. 831-720.

ΔΙΑΜΕΡΙΣΜΑ γωνιακό. Τηλ. 274-271.

ΕΝΟΙΚΙΑΖΕΤΑΙ διαμέρισμα 4 ΔΣΤ. Τηλ. 525-325.

ΓΚΑΡΣΟΝΙΕΡΑ ενοικιάζεται. Τηλ. 842-174.

ΕΝΟΙΚΙΑΖΕΤΑΙ διαμέρισμα 125 τ.μ. Τηλ. 842-114.

ΕΝΟΙΚΙΑΖΕΤΑΙ διαμέρισμα. Τηλ. 208-728.

ΓΚΑΡΣΟΝΙΕΡΑ διαμερισματάκι. Τηλ. 320-201.

ΕΝΟΙΚΙΑΖΕΤΑΙ διαμέρισμα. Τηλ. 419-650.

ΕΝΟΙΚΙΑΖΕΤΑΙ ιατρείο. Τηλ. 225-630.

ΕΝΟΙΚΙΑΖΕΤΑΙ διαμέρισμα Β. Όλγας. Τηλ. 538-422.

ΕΝΟΙΚΙΑΖΕΤΑΙ κατάστημα. Τηλ. 827-137.

ΕΝΟΙΚΙΑΖΕΤΑΙ επί της Τσιμισκή. Τηλ. 221-755.

ΕΝΟΙΚΙΑΖΕΤΑΙ διαμέρισμα. Τηλ. 525-325.

ΕΝΟΙΚΙΑΖΕΤΑΙ διαμέρισμα 115 τ.μ. Τηλ. 841-705.

ΕΝΟΙΚΙΑΖΕΤΑΙ κατάστημα. Τηλ. 530-521.

ΠΩΛΕΙΤΑΙ σε 10 λεπτά από πλατεία. Τηλ. 912-060.

ΕΥΚΑΙΡΙΑ πωλείται καθαριστήριο. Τηλ. 650-156.

ΠΩΛΟΥΝΤΑΙ καταστήματα. Τηλ. 266-066.

ΕΝΟΙΚΙΑΖΕΤΑΙ διαμέρισμα για φοιτητή, λουξ. Τηλ. 269-545.

ΕΝΟΙΚΙΑΖΕΤΑΙ κατάστημα στο κέντρο της Θεσσαλονίκης. Τηλ. 218-021.

ΕΠΙΠΛΩΜΕΝΑ διαμερίσματα. Τηλ. 234-662.

ΕΝΟΙΚΙΑΖΟΝΤΑΙ χώροι για γραφεία. Τηλ. 817-295.

ΕΝΟΙΚΙΑΖΕΤΑΙ διαμέρισμα επιπλωμένο. Τηλ. 913, 818-627.

ΕΝΟΙΚΙΑΖΕΤΑΙ διαμέρισμα 2 ΔΣΤΡ. Τηλ. 266-066.

ΕΝΟΙΚΙΑΖΕΤΑΙ ισόγειο στις Συκιές. Τηλ. 917-692.

ΕΝΟΙΚΙΑΖΕΤΑΙ κατάστημα. Τηλ. 512-938.

ΕΝΟΙΚΙΑΖΕΤΑΙ διαμέρισμα. Τηλ. 266-066.

ΟΙΚΙΑ νοικιάζεται 150 μ2. Τηλ. 941-937.

ΕΝΟΙΚΙΑΖΕΤΑΙ επιπλωμένο 1 ΔΣΚ. Τηλ. 831-857.

ΕΝΟΙΚΙΑΖΕΤΑΙ γραφείο, Λαγκαδά 8. Τηλ. 238-048.

ΕΝΟΙΚΙΑΖΕΤΑΙ βιοτεχνικός χώρος 500 τ.μ. Τηλ. 238-048.

ΕΝΑΝΤΙ πανεπιστημίου. Τηλ. 269-545.

ΜΟΝΟΚΑΤΟΙΚΙΑ 200 τ.μ. ενοικιάζεται. Τηλ. 231-222.

ΕΝΟΙΚΙΑΖΕΤΑΙ διαμέρισμα 2ΔΣΚ. Τηλ. 523-800.

ΕΝΟΙΚΙΑΖΕΤΑΙ μπουτίκ. Τηλ. 209-782.

ΠΡΟΣΦΟΡΑ ΕΡΓΑΣΙΑΣ

Η πλεκτοβιομηχανία «Μόνα» αναζητεί για άμεση εργασία νέα άτομα. Τηλ. 617-268, 617-252.

ΠΡΟΣΕΞΤΕ: 20 - 30 ώρες προσφέρουμε εργασία σε φοιτητές. Τηλ. 236-311.

ΚΟΠΤΟΡΑΠΤΡΙΕΣ και ράφτριες προσλαμβάνονται. Τηλ. 425-535.

ΖΗΤΟΥΝΤΑΙ ράφτριες, πρεσαδόροι. Τηλ. 274-222.

ΠΑΡΑ της μεγάλης βιομηχανίας ζητούνται πωλητές. Τηλ. 535-521.

ΖΗΤΟΥΝΤΑΙ πωλητές. Τηλ. 425-220.

ΖΗΤΑΤΕ εργασία; Σας προσφέρουμε με καλές αποδοχές. Τηλ. 281-055.

ΠΑΡΑ: Ζητείται κοπέλα. Τηλ. 579-000.

ΖΗΤΟΥΝΤΑΙ ύπαλληλοι. Τηλ. 5171-2.

ΠΑΡΑ της μεγάλης εταιρείας. Τηλ. 418-380.

ΖΗΤΟΥΝΤΑΙ άτομα. Τηλ. 521-208.

ΖΗΤΟΥΝΤΑΙ για την «ΕΞΕΛΙΞΗ» νέοι. Τηλ. 212-620.

ΕΠΙΧΕΙΡΗΣΗ μεγάλων εταιρειών ζητεί. Τηλ. 418-208.

ΠΩΛΗΤΗΣ ζητείται για πωλήσεις καλλυντικών. Τηλ. 510-200.

ΠΑΡΑ μεγάλης βιομηχανίας ζητούνται πωλητές. Τηλ. 534-226.

ΓΑΖΟΤΕΧΝΙΤΕΣ ζητούνται. Τηλ. 515-232.

ΖΗΤΟΥΝΤΑΙ κοπτορράπτριες. Τηλ. 537-410.

ΑΝΤΙΠΡΟΣΩΠΟΙ ζητούνται. Τηλ. 206-500.

ΖΗΤΕΙΤΑΙ υπάλληλος. Τηλ. 524-0502.

Η εξαγωγική βιομηχανία ζητεί. Τηλ. 765-0245.

ΠΑΡΑ της Ε. Πετρόπουλος. Τηλ. 781-430.

ΑΠΟ εταιρία καλλυντικών ζητούνται. Τηλ. 420-200.

ΠΑΡΑ βιοτεχνίας ζητούνται. Τηλ. 215-001.

ΠΑΡΑ της βιομηχανίας Helen. Τηλ. 765-0245.

ΖΗΤΟΥΝΤΑΙ για εργασία. Τηλ. 417-008.

ΖΗΤΟΥΝΤΑΙ πωλήτριες. Τηλ. 416-470.

ΠΑΡΑ πλεκτοβιομηχανίας. Τηλ. 417-305.

ΖΗΤΕΙΤΑΙ κοπέλα. Τηλ. 246-228.

Η Ναυτιλίας. Τηλ. 845-228.

ΒΟΡΕΙΟΕΛΛΑΔΙΚΗ βιομηχανία ζητεί. Τηλ. 212-200.

ΚΑΛΗΓΓΕΡΗΣ ζητούνται. Τηλ. 601-100.

ΖΗΤΟΥΝΤΑΙ νέοι. Τηλ. 215-825.

ΠΑΡΑ εξαγωγικής βιομηχανίας. Τηλ. 535-214.

ΖΗΤΟΥΝΤΑΙ πωλητές. Τηλ. 535-448.

ΠΑΡΑ πλεκτοβιομηχανίας. Τηλ. 540-065.

ΖΗΤΕΙΤΑΙ συνεργάτης. Τηλ. 232-081.

ΖΗΤΕΙΤΑΙ ορθοπεδικός. Τηλ. 232-273.

ΖΗΤΟΥΝΤΑΙ δύο εκπαιδευτικοί. Τηλ. 537-610.

ΖΗΤΕΙΤΑΙ κοπέλα για γραφείο. Τηλ. 521-208.

ΖΗΤΟΥΝΤΑΙ υπάλληλοι. Τηλ. 526-949.

ΠΑΡΑ κατασκευαστικής εταιρείας. Τηλ. 418-380.

ΖΗΤΟΥΝΤΑΙ νέοι εργάτες. Τηλ. 538-380.

Η ΣΥΝΕΧΕΙΑ ΣΤΗΝ 8η ΣΕΛΙΔΑ
